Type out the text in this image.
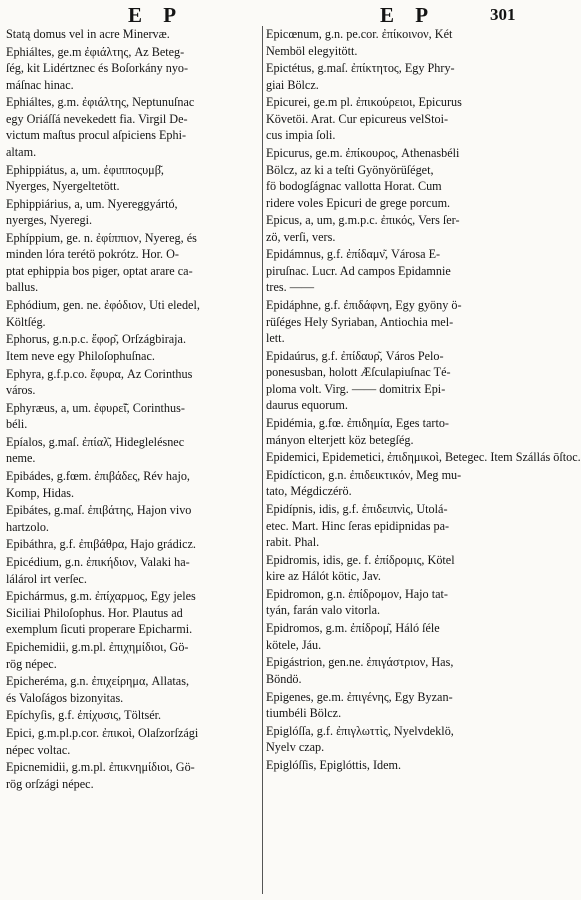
E P	E P	301
Statą domus vel in acre Minervæ.
Ephiáltes, ge.m ἐφιάλτης, Az Beteg-
ſég, kit Lidértznec és Boſorkány nyo-
máſnac hinac.
Ephiáltes, g.m. ἐφιάλτης, Neptunuſnac
egy Oriáſſá nevekedett fia. Virgil De-
victum maſtus procul aſpiciens Ephi-
altam.
Ephippiátus, a, um. ἐφιπποςυμβ͂,
Nyerges, Nyergeltetött.
Ephippiárius, a, um. Nyereggyártó,
nyerges, Nyeregi.
Ephíppium, ge. n. ἐφίππιον, Nyereg, és
minden lóra terétö pokrótz. Hor. O-
ptat ephippia bos piger, optat arare ca-
ballus.
Ephódium, gen. ne. ἐφόδιον, Uti eledel,
Költſég.
Ephorus, g.n.p.c. ἔφορ͂, Orſzágbiraja.
Item neve egy Philoſophuſnac.
Ephyra, g.f.p.co. ἔφυρα, Az Corinthus
város.
Ephyræus, a, um. ἐφυρεῖ͂, Corinthus-
béli.
Epíalos, g.maſ. ἐπίαλ͂, Hideglelésnec
neme.
Epibádes, g.fœm. ἐπιβάδες, Rév hajo,
Komp, Hidas.
Epibátes, g.maſ. ἐπιβάτης, Hajon vivo
hartzolo.
Epibáthra, g.f. ἐπιβάθρα, Hajo grádicz.
Epicédium, g.n. ἐπικήδιον, Valaki ha-
lálárol irt verſec.
Epichármus, g.m. ἐπίχαρμος, Egy jeles
Siciliai Philoſophus. Hor. Plautus ad
exemplum ſicuti properare Epicharmi.
Epichemidii, g.m.pl. ἐπιχημίδιοι, Gö-
rög népec.
Epicheréma, g.n. ἐπιχείρημα, Allatas,
és Valoſágos bizonyitas.
Epíchyſis, g.f. ἐπίχυσις, Töltsér.
Epici, g.m.pl.p.cor. ἐπικοὶ, Olaſzorſzági
népec voltac.
Epicnemidii, g.m.pl. ἐπικνημίδιοι, Gö-
rög orſzági népec.
Epicœnum, g.n. pe.cor. ἐπίκοινον, Két
Nemböl elegyitött.
Epictétus, g.maſ. ἐπίκτητος, Egy Phry-
giai Bölcz.
Epicurei, ge.m pl. ἐπικούρειοι, Epicurus
Követöi. Arat. Cur epicureus velStoi-
cus impia ſoli.
Epicurus, ge.m. ἐπίκουρος, Athenasbéli
Bölcz, az ki a teſti Gyönyörüſéget,
fö bodogſágnac vallotta Horat. Cum
ridere voles Epicuri de grege porcum.
Epicus, a, um, g.m.p.c. ἐπικός, Vers ſer-
zö, verſi, vers.
Epidámnus, g.f. ἐπίδαμν͂, Városa E-
piruſnac. Lucr. Ad campos Epidamnie
tres. ——
Epidáphne, g.f. ἐπιδάφνη, Egy gyöny ö-
rüſéges Hely Syriaban, Antiochia mel-
lett.
Epidaúrus, g.f. ἐπίδαυρ͂, Város Pelo-
ponesusban, holott Æſculapiuſnac Té-
ploma volt. Virg. —— domitrix Epi-
daurus equorum.
Epidémia, g.fœ. ἐπιδημία, Eges tarto-
mányon elterjett köz betegſég.
Epidemici, Epidemetici, ἐπιδημικοὶ, Betegec. Item Szállás ōſtoc.
Epidícticon, g.n. ἐπιδεικτικόν, Meg mu-
tato, Mégdiczérö.
Epidípnis, idis, g.f. ἐπιδειπνὶς, Utolá-
etec. Mart. Hinc ſeras epidipnidas pa-
rabit. Phal.
Epidromis, idis, ge. f. ἐπίδρομις, Kötel
kire az Hálót kötic, Jav.
Epidromon, g.n. ἐπίδρομον, Hajo tat-
tyán, farán valo vitorla.
Epidromos, g.m. ἐπίδρομ͂, Háló ſéle
kötele, Jáu.
Epigástrion, gen.ne. ἐπιγάστριον, Has,
Böndö.
Epigenes, ge.m. ἐπιγένης, Egy Byzan-
tiumbéli Bölcz.
Epiglóſſa, g.f. ἐπιγλωττὶς, Nyelvdeklö,
Nyelv czap.
Epiglóſſis, Epiglóttis, Idem.
